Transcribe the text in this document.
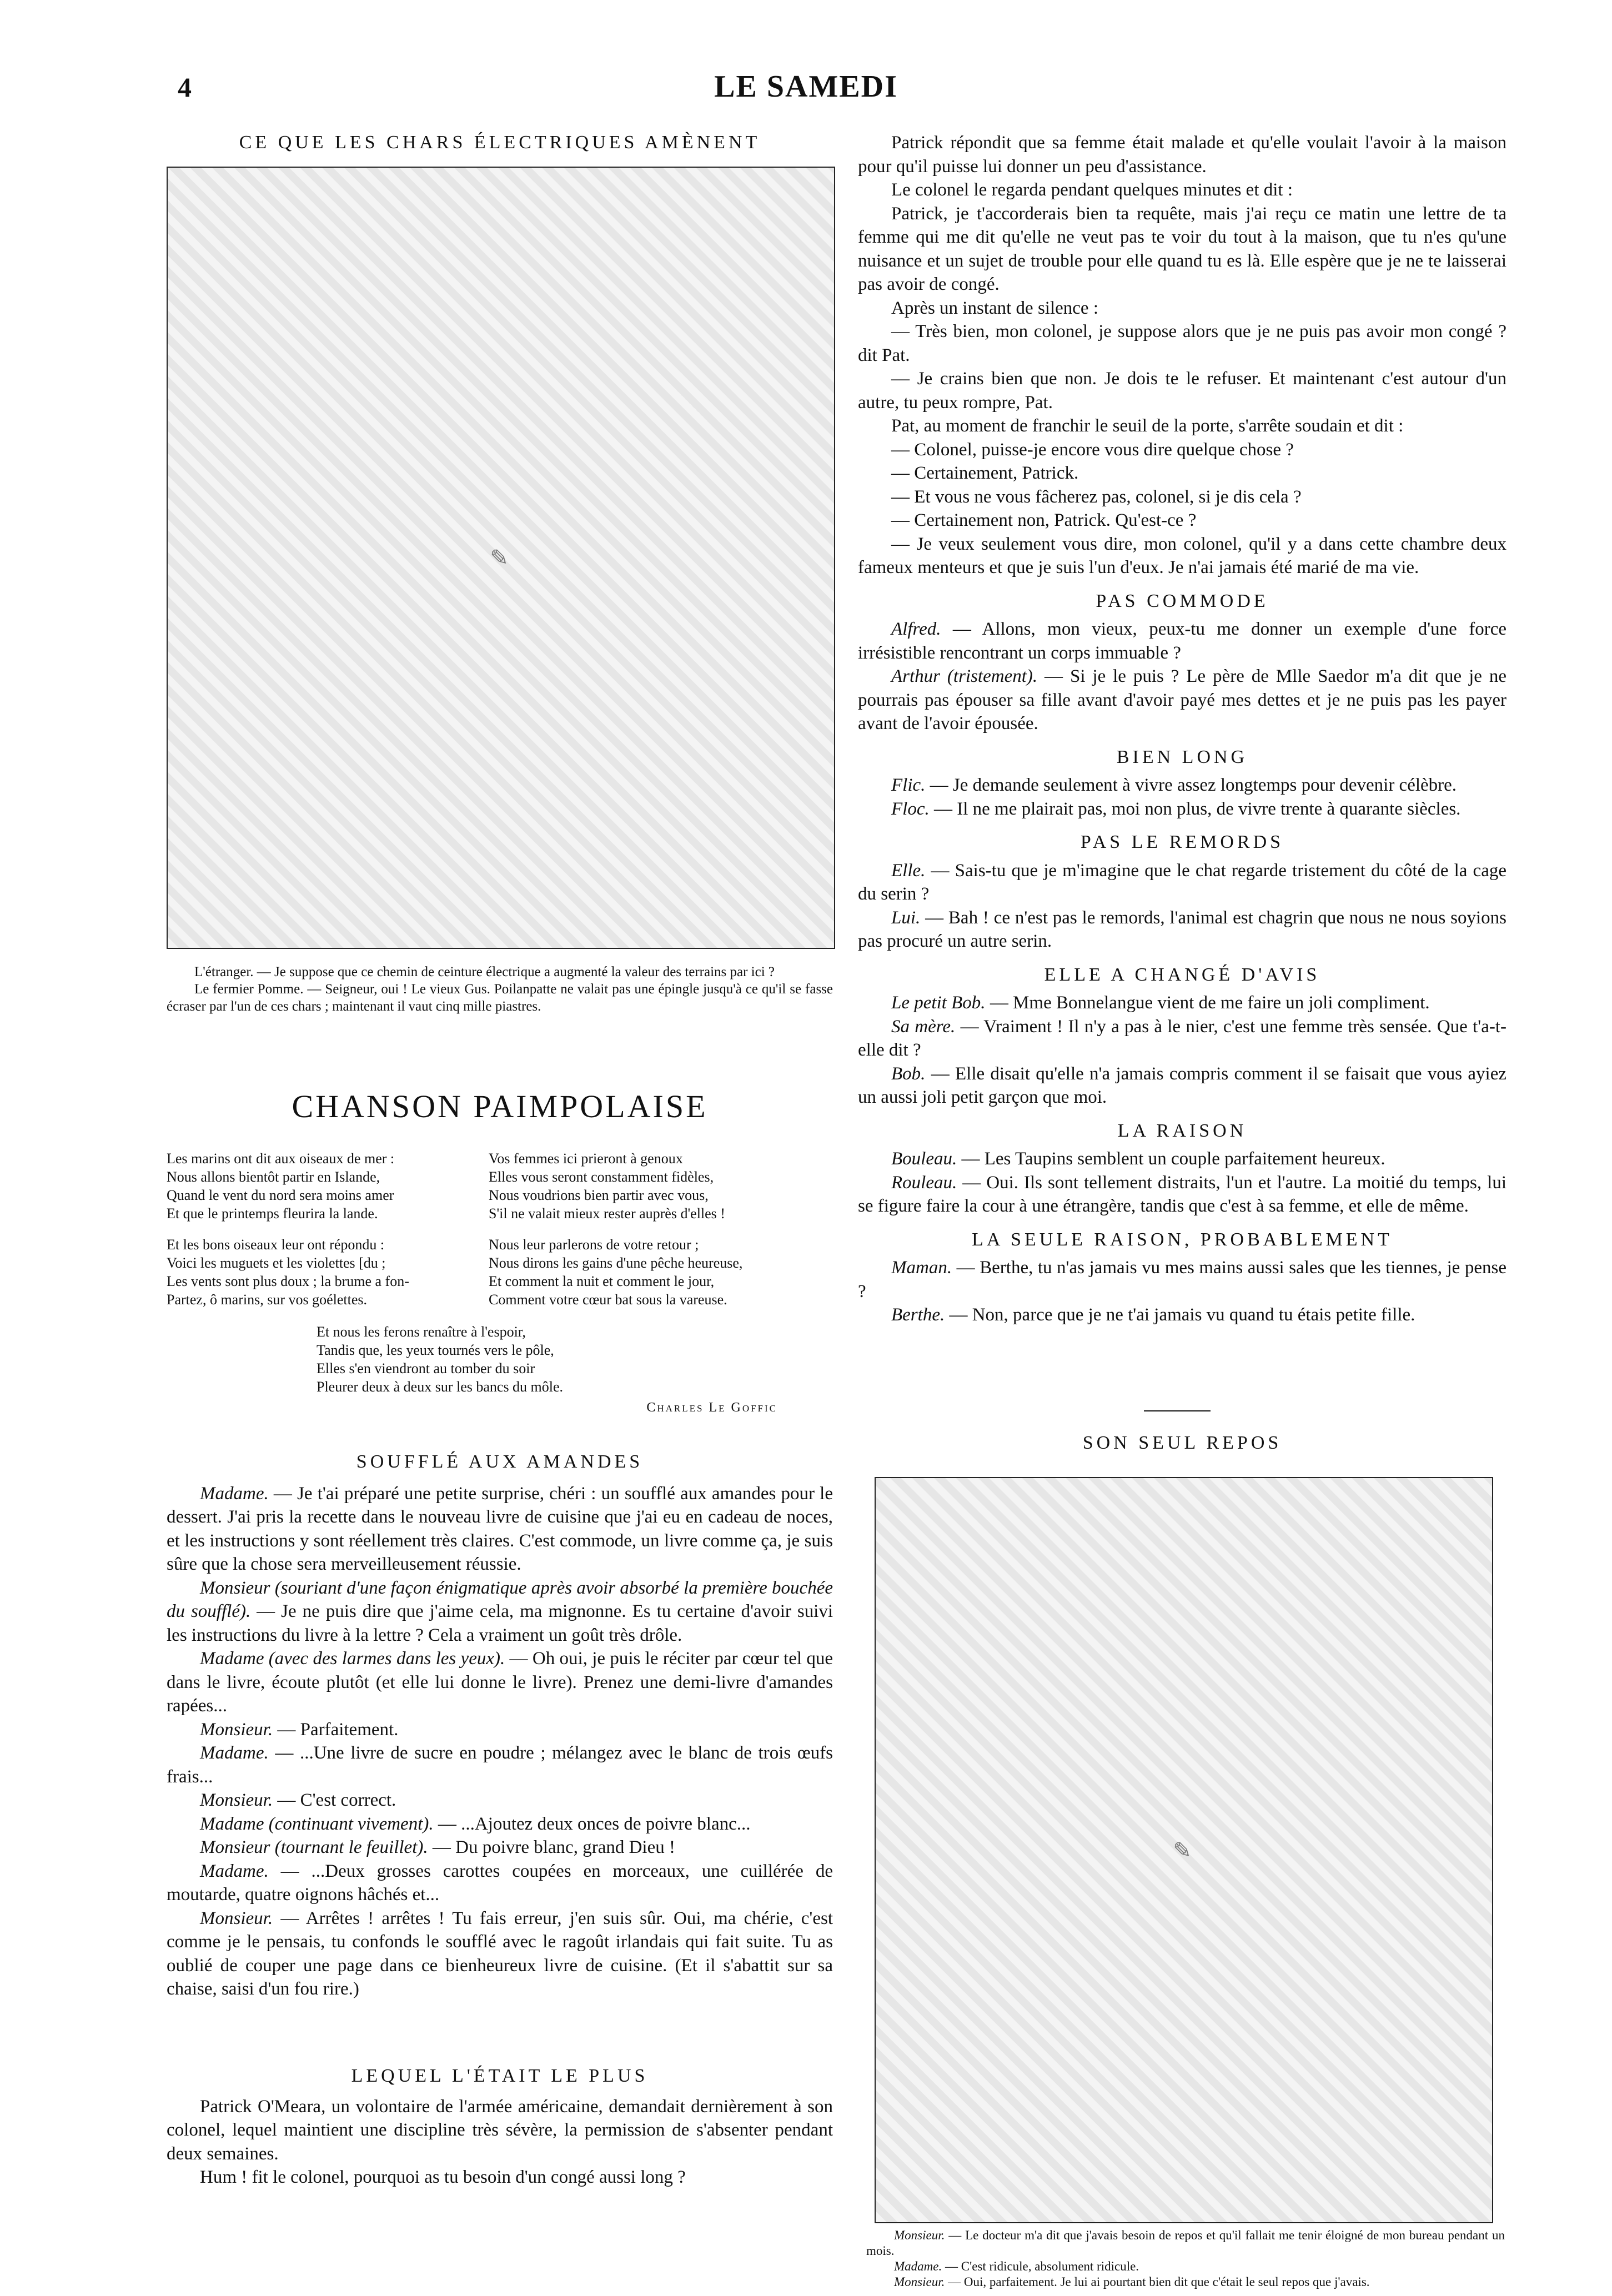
4	LE SAMEDI
CE QUE LES CHARS ÉLECTRIQUES AMÈNENT
✎

L'étranger. — Je suppose que ce chemin de ceinture électrique a augmenté la valeur des terrains par ici ?

Le fermier Pomme. — Seigneur, oui ! Le vieux Gus. Poilanpatte ne valait pas une épingle jusqu'à ce qu'il se fasse écraser par l'un de ces chars ; maintenant il vaut cinq mille piastres.

CHANSON PAIMPOLAISE
Les marins ont dit aux oiseaux de mer :
Nous allons bientôt partir en Islande,
Quand le vent du nord sera moins amer
Et que le printemps fleurira la lande.
Vos femmes ici prieront à genoux
Elles vous seront constamment fidèles,
Nous voudrions bien partir avec vous,
S'il ne valait mieux rester auprès d'elles !
Et les bons oiseaux leur ont répondu :
Voici les muguets et les violettes [du ;
Les vents sont plus doux ; la brume a fon-
Partez, ô marins, sur vos goélettes.
Nous leur parlerons de votre retour ;
Nous dirons les gains d'une pêche heureuse,
Et comment la nuit et comment le jour,
Comment votre cœur bat sous la vareuse.
Et nous les ferons renaître à l'espoir,
Tandis que, les yeux tournés vers le pôle,
Elles s'en viendront au tomber du soir
Pleurer deux à deux sur les bancs du môle.
Charles Le Goffic
SOUFFLÉ AUX AMANDES

Madame. — Je t'ai préparé une petite surprise, chéri : un soufflé aux amandes pour le dessert. J'ai pris la recette dans le nouveau livre de cuisine que j'ai eu en cadeau de noces, et les instructions y sont réellement très claires. C'est commode, un livre comme ça, je suis sûre que la chose sera merveilleusement réussie.

Monsieur (souriant d'une façon énigmatique après avoir absorbé la première bouchée du soufflé). — Je ne puis dire que j'aime cela, ma mignonne. Es tu certaine d'avoir suivi les instructions du livre à la lettre ? Cela a vraiment un goût très drôle.

Madame (avec des larmes dans les yeux). — Oh oui, je puis le réciter par cœur tel que dans le livre, écoute plutôt (et elle lui donne le livre). Prenez une demi-livre d'amandes rapées...

Monsieur. — Parfaitement.

Madame. — ...Une livre de sucre en poudre ; mélangez avec le blanc de trois œufs frais...

Monsieur. — C'est correct.

Madame (continuant vivement). — ...Ajoutez deux onces de poivre blanc...

Monsieur (tournant le feuillet). — Du poivre blanc, grand Dieu !

Madame. — ...Deux grosses carottes coupées en morceaux, une cuillérée de moutarde, quatre oignons hâchés et...

Monsieur. — Arrêtes ! arrêtes ! Tu fais erreur, j'en suis sûr. Oui, ma chérie, c'est comme je le pensais, tu confonds le soufflé avec le ragoût irlandais qui fait suite. Tu as oublié de couper une page dans ce bienheureux livre de cuisine. (Et il s'abattit sur sa chaise, saisi d'un fou rire.)

LEQUEL L'ÉTAIT LE PLUS

Patrick O'Meara, un volontaire de l'armée américaine, demandait dernièrement à son colonel, lequel maintient une discipline très sévère, la permission de s'absenter pendant deux semaines.

Hum ! fit le colonel, pourquoi as tu besoin d'un congé aussi long ?

Patrick répondit que sa femme était malade et qu'elle voulait l'avoir à la maison pour qu'il puisse lui donner un peu d'assistance.

Le colonel le regarda pendant quelques minutes et dit :

Patrick, je t'accorderais bien ta requête, mais j'ai reçu ce matin une lettre de ta femme qui me dit qu'elle ne veut pas te voir du tout à la maison, que tu n'es qu'une nuisance et un sujet de trouble pour elle quand tu es là. Elle espère que je ne te laisserai pas avoir de congé.

Après un instant de silence :

— Très bien, mon colonel, je suppose alors que je ne puis pas avoir mon congé ? dit Pat.

— Je crains bien que non. Je dois te le refuser. Et maintenant c'est autour d'un autre, tu peux rompre, Pat.

Pat, au moment de franchir le seuil de la porte, s'arrête soudain et dit :

— Colonel, puisse-je encore vous dire quelque chose ?

— Certainement, Patrick.

— Et vous ne vous fâcherez pas, colonel, si je dis cela ?

— Certainement non, Patrick. Qu'est-ce ?

— Je veux seulement vous dire, mon colonel, qu'il y a dans cette chambre deux fameux menteurs et que je suis l'un d'eux. Je n'ai jamais été marié de ma vie.

PAS COMMODE

Alfred. — Allons, mon vieux, peux-tu me donner un exemple d'une force irrésistible rencontrant un corps immuable ?

Arthur (tristement). — Si je le puis ? Le père de Mlle Saedor m'a dit que je ne pourrais pas épouser sa fille avant d'avoir payé mes dettes et je ne puis pas les payer avant de l'avoir épousée.

BIEN LONG

Flic. — Je demande seulement à vivre assez longtemps pour devenir célèbre.

Floc. — Il ne me plairait pas, moi non plus, de vivre trente à quarante siècles.

PAS LE REMORDS

Elle. — Sais-tu que je m'imagine que le chat regarde tristement du côté de la cage du serin ?

Lui. — Bah ! ce n'est pas le remords, l'animal est chagrin que nous ne nous soyions pas procuré un autre serin.

ELLE A CHANGÉ D'AVIS

Le petit Bob. — Mme Bonnelangue vient de me faire un joli compliment.

Sa mère. — Vraiment ! Il n'y a pas à le nier, c'est une femme très sensée. Que t'a-t-elle dit ?

Bob. — Elle disait qu'elle n'a jamais compris comment il se faisait que vous ayiez un aussi joli petit garçon que moi.

LA RAISON

Bouleau. — Les Taupins semblent un couple parfaitement heureux.

Rouleau. — Oui. Ils sont tellement distraits, l'un et l'autre. La moitié du temps, lui se figure faire la cour à une étrangère, tandis que c'est à sa femme, et elle de même.

LA SEULE RAISON, PROBABLEMENT

Maman. — Berthe, tu n'as jamais vu mes mains aussi sales que les tiennes, je pense ?

Berthe. — Non, parce que je ne t'ai jamais vu quand tu étais petite fille.

SON SEUL REPOS
✎

Monsieur. — Le docteur m'a dit que j'avais besoin de repos et qu'il fallait me tenir éloigné de mon bureau pendant un mois.

Madame. — C'est ridicule, absolument ridicule.

Monsieur. — Oui, parfaitement. Je lui ai pourtant bien dit que c'était le seul repos que j'avais.
